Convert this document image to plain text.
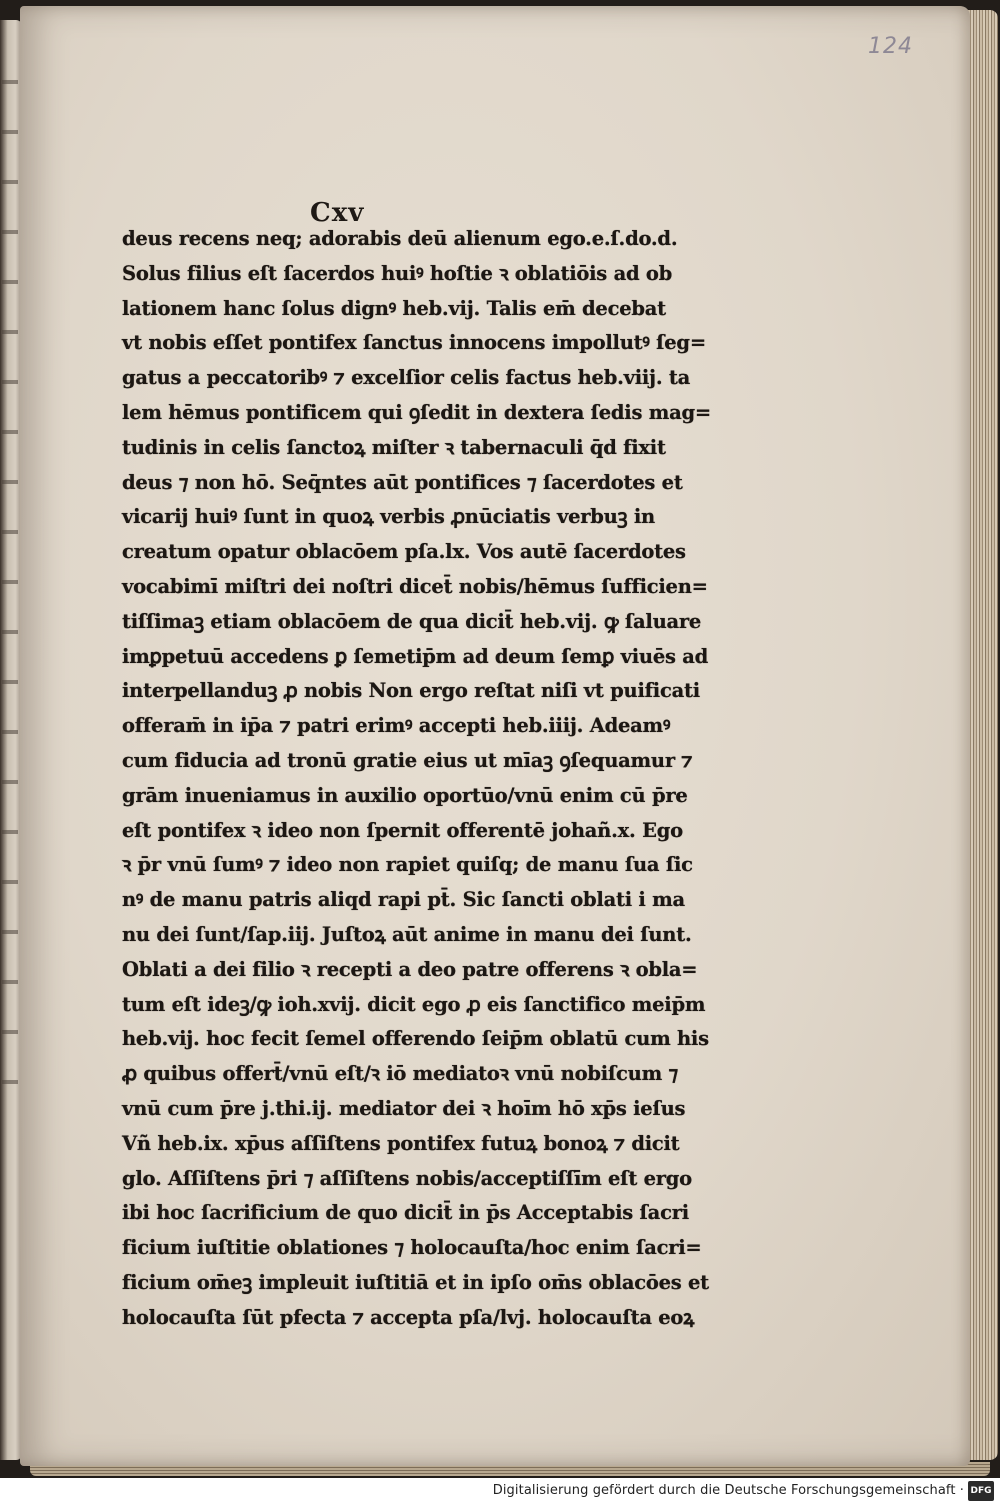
124
Cxv
deus recens neq; adorabis deū alienum ego.e.ſ.do.d.
Solus filius eſt ſacerdos huiꝰ hoſtie ꝛ oblatiōis ad ob
lationem hanc ſolus dignꝰ heb.vij. Talis em̄ decebat
vt nobis eſſet pontifex ſanctus innocens impollutꝰ ſeg=
gatus a peccatoribꝰ ⁊ excelſior celis factus heb.viij. ta
lem hēmus pontificem qui ꝯſedit in dextera ſedis mag=
tudinis in celis ſanctoꝝ miſter ꝛ tabernaculi q̄d fixit
deus ⁊ non hō. Seq̄ntes aūt pontifices ⁊ ſacerdotes et
vicarij huiꝰ ſunt in quoꝝ verbis ꝓnūciatis verbuꝫ in
creatum opatur oblacōem pſa.lx. Vos autē ſacerdotes
vocabimī miſtri dei noſtri dicet̄ nobis/hēmus ſufficien=
tiſſimaꝫ etiam oblacōem de qua dicit̄ heb.vij. ꝙ ſaluare
imꝑpetuū accedens ꝑ ſemetip̄m ad deum ſemꝑ viuēs ad
interpellanduꝫ ꝓ nobis Non ergo reſtat niſi vt puificati
offeram̄ in ip̄a ⁊ patri erimꝰ accepti heb.iiij. Adeamꝰ
cum fiducia ad tronū gratie eius ut mīaꝫ ꝯſequamur ⁊
grām inueniamus in auxilio oportūo/vnū enim cū p̄re
eſt pontifex ꝛ ideo non ſpernit offerentē johañ.x. Ego
ꝛ p̄r vnū ſumꝰ ⁊ ideo non rapiet quiſq; de manu ſua ſic
nꝰ de manu patris aliqd rapi pt̄. Sic ſancti oblati i ma
nu dei ſunt/ſap.iij. Juſtoꝝ aūt anime in manu dei ſunt.
Oblati a dei filio ꝛ recepti a deo patre offerens ꝛ obla=
tum eſt ideꝫ/ꝙ ioh.xvij. dicit ego ꝓ eis ſanctifico meip̄m
heb.vij. hoc fecit ſemel offerendo ſeip̄m oblatū cum his
ꝓ quibus offert̄/vnū eſt/ꝛ iō mediatoꝛ vnū nobiſcum ⁊
vnū cum p̄re j.thi.ij. mediator dei ꝛ hoīm hō xp̄s ieſus
Vñ heb.ix. xp̄us aſſiſtens pontifex futuꝝ bonoꝝ ⁊ dicit
glo. Aſſiſtens p̄ri ⁊ aſſiſtens nobis/acceptiſſīm eſt ergo
ibi hoc ſacrificium de quo dicit̄ in p̄s Acceptabis ſacri
ficium iuſtitie oblationes ⁊ holocauſta/hoc enim ſacri=
ficium om̄eꝫ impleuit iuſtitiā et in ipſo om̄s oblacōes et
holocauſta ſūt pfecta ⁊ accepta pſa/lvj. holocauſta eoꝝ
Digitalisierung gefördert durch die Deutsche Forschungsgemeinschaft · DFG
